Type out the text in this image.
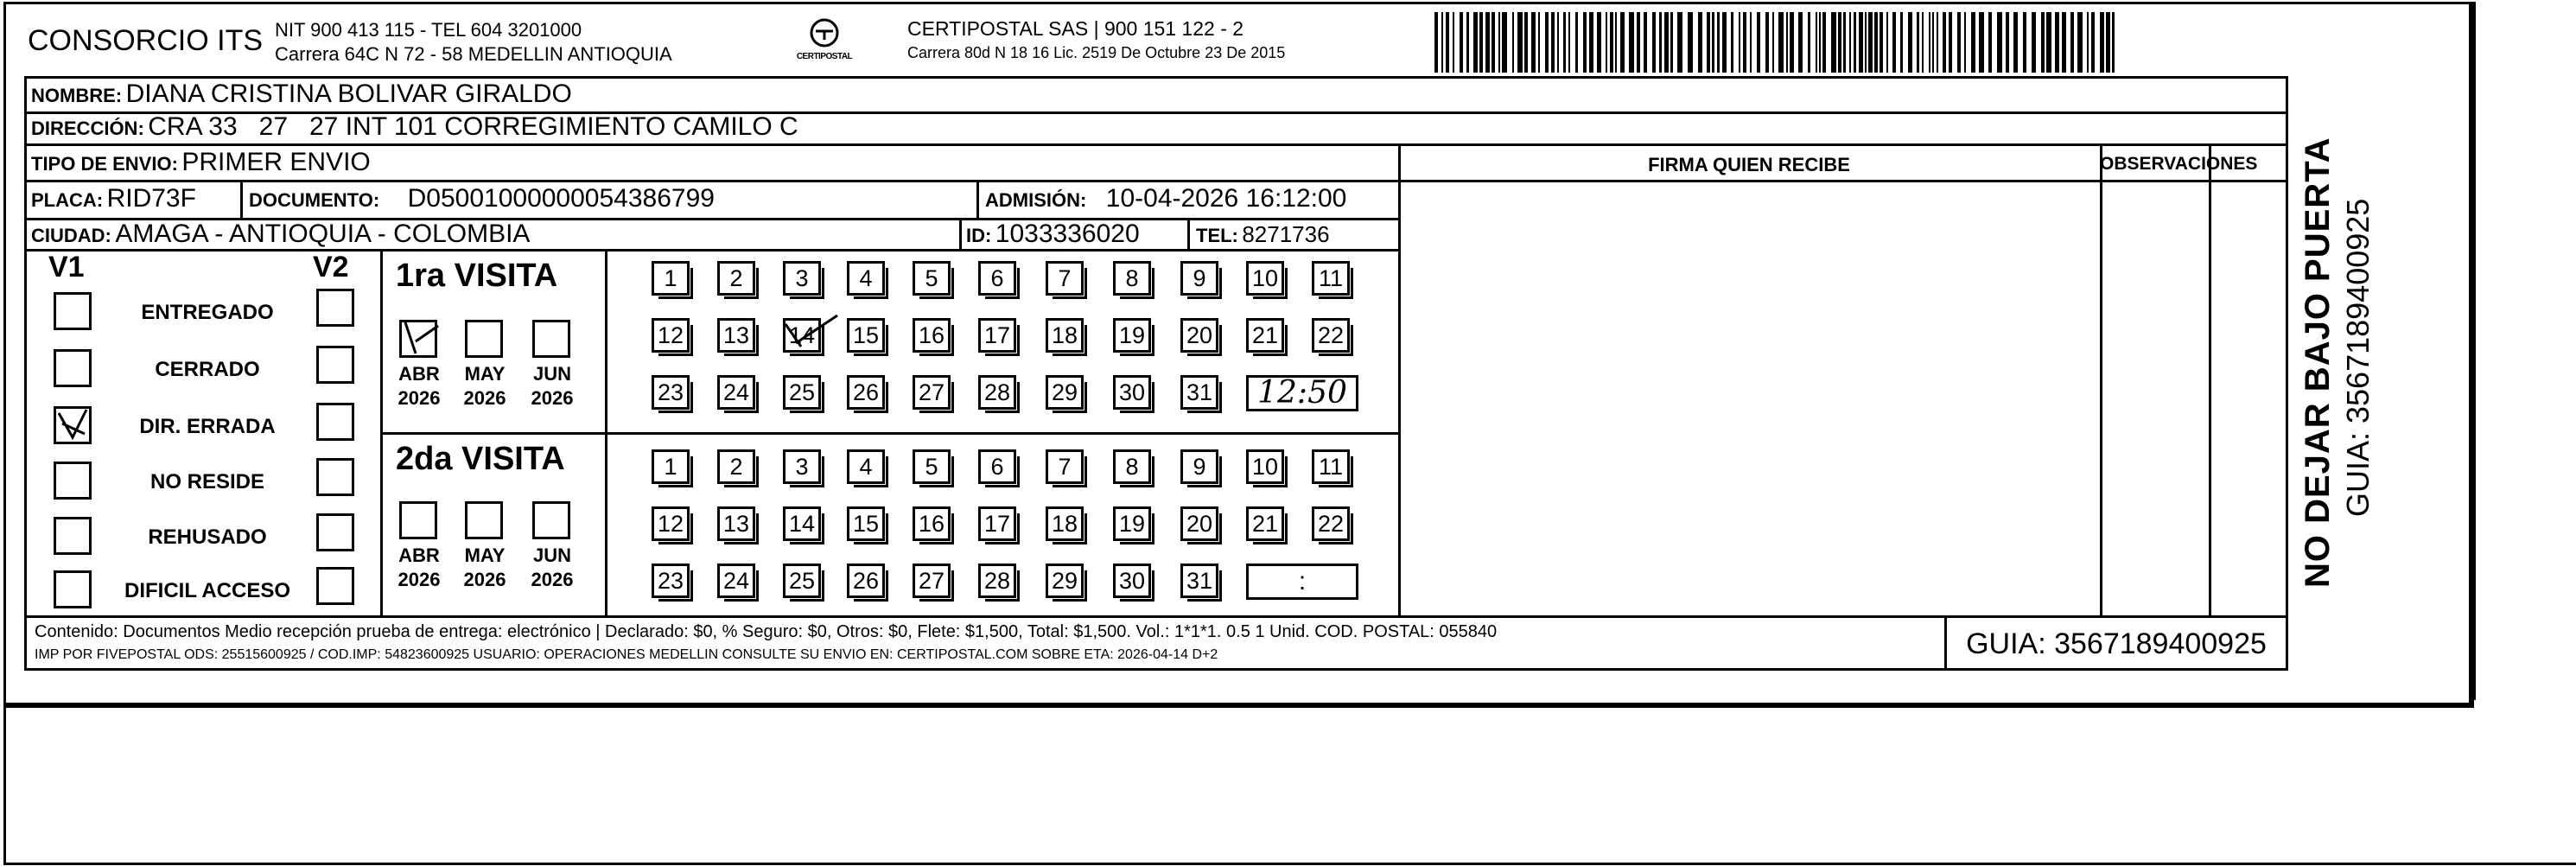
CONSORCIO ITS NIT 900 413 115 - TEL 604 3201000
Carrera 64C N 72 - 58 MEDELLIN ANTIOQUIA	CERTIPOSTAL
CERTIPOSTAL SAS | 900 151 122 - 2
Carrera 80d N 18 16 Lic. 2519 De Octubre 23 De 2015
NOMBRE: DIANA CRISTINA BOLIVAR GIRALDO
DIRECCIÓN: CRA 33   27   27 INT 101 CORREGIMIENTO CAMILO C
TIPO DE ENVIO: PRIMER ENVIO
PLACA: RID73F	DOCUMENTO: D05001000000054386799	ADMISIÓN: 10-04-2026 16:12:00
CIUDAD: AMAGA - ANTIOQUIA - COLOMBIA	ID: 1033336020	TEL: 8271736
FIRMA QUIEN RECIBE	OBSERVACIONES
V1	V2
ENTREGADO
CERRADO
DIR. ERRADA
NO RESIDE
REHUSADO
DIFICIL ACCESO
1ra VISITA
2da VISITA
ABR
2026
MAY
2026
JUN
2026
ABR
2026
MAY
2026
JUN
2026
1	2	3	4	5	6	7	8	9	10 11
12 13 14 15 16 17 18 19 20 21 22
23 24 25 26 27 28 29 30 31	12:50
1	2	3	4	5	6	7	8	9	10 11
12 13 14 15 16 17 18 19 20 21 22
23 24 25 26 27 28 29 30 31	:
Contenido: Documentos Medio recepción prueba de entrega: electrónico | Declarado: $0, % Seguro: $0, Otros: $0, Flete: $1,500, Total: $1,500. Vol.: 1*1*1. 0.5 1 Unid. COD. POSTAL: 055840
IMP POR FIVEPOSTAL ODS: 25515600925 / COD.IMP: 54823600925 USUARIO: OPERACIONES MEDELLIN CONSULTE SU ENVIO EN: CERTIPOSTAL.COM SOBRE ETA: 2026-04-14 D+2	GUIA: 3567189400925
NO DEJAR BAJO PUERTA GUIA: 3567189400925
